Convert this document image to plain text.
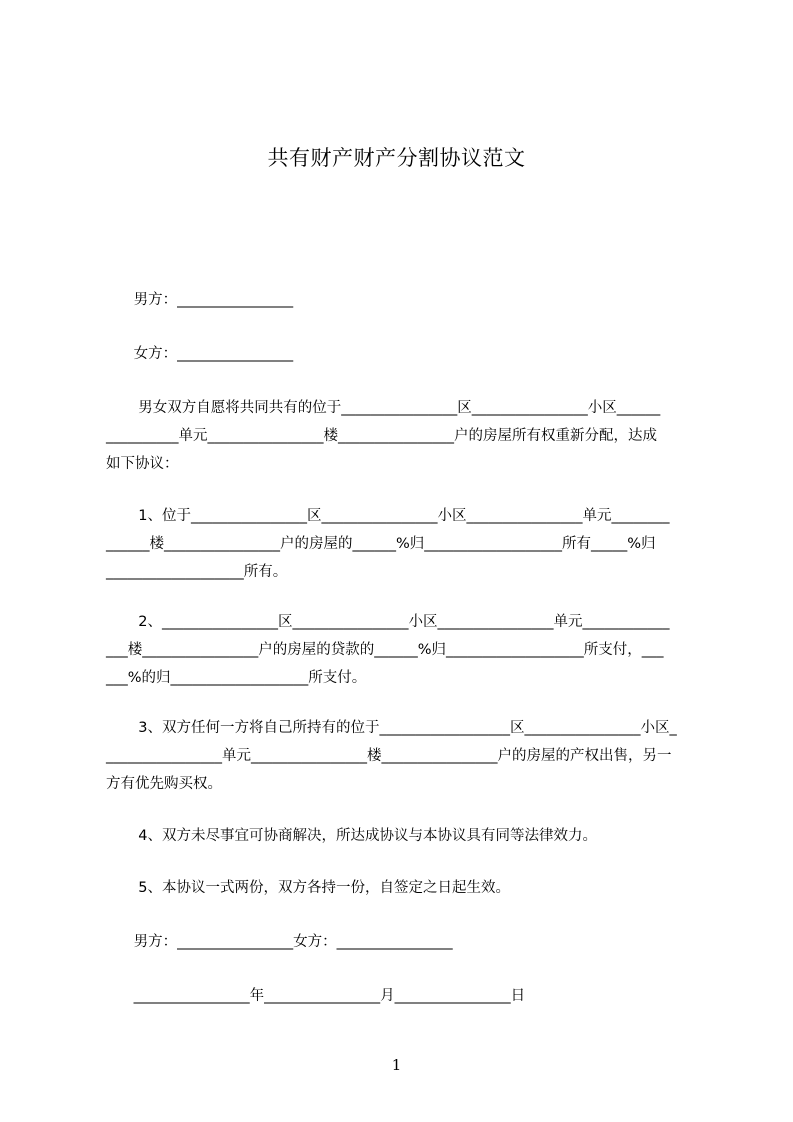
共有财产财产分割协议范文
男方：________________
女方：________________
男女双方自愿将共同共有的位于________________区________________小区______
__________单元________________楼________________户的房屋所有权重新分配，达成
如下协议：
1、位于________________区________________小区________________单元________
______楼________________户的房屋的______%归___________________所有_____%归
___________________所有。
2、________________区________________小区________________单元____________
___楼________________户的房屋的贷款的______%归___________________所支付，___
___%的归___________________所支付。
3、双方任何一方将自己所持有的位于__________________区________________小区_
________________单元________________楼________________户的房屋的产权出售，另一
方有优先购买权。
4、双方未尽事宜可协商解决，所达成协议与本协议具有同等法律效力。
5、本协议一式两份，双方各持一份，自签定之日起生效。
男方：________________女方：________________
________________年________________月________________日
1
